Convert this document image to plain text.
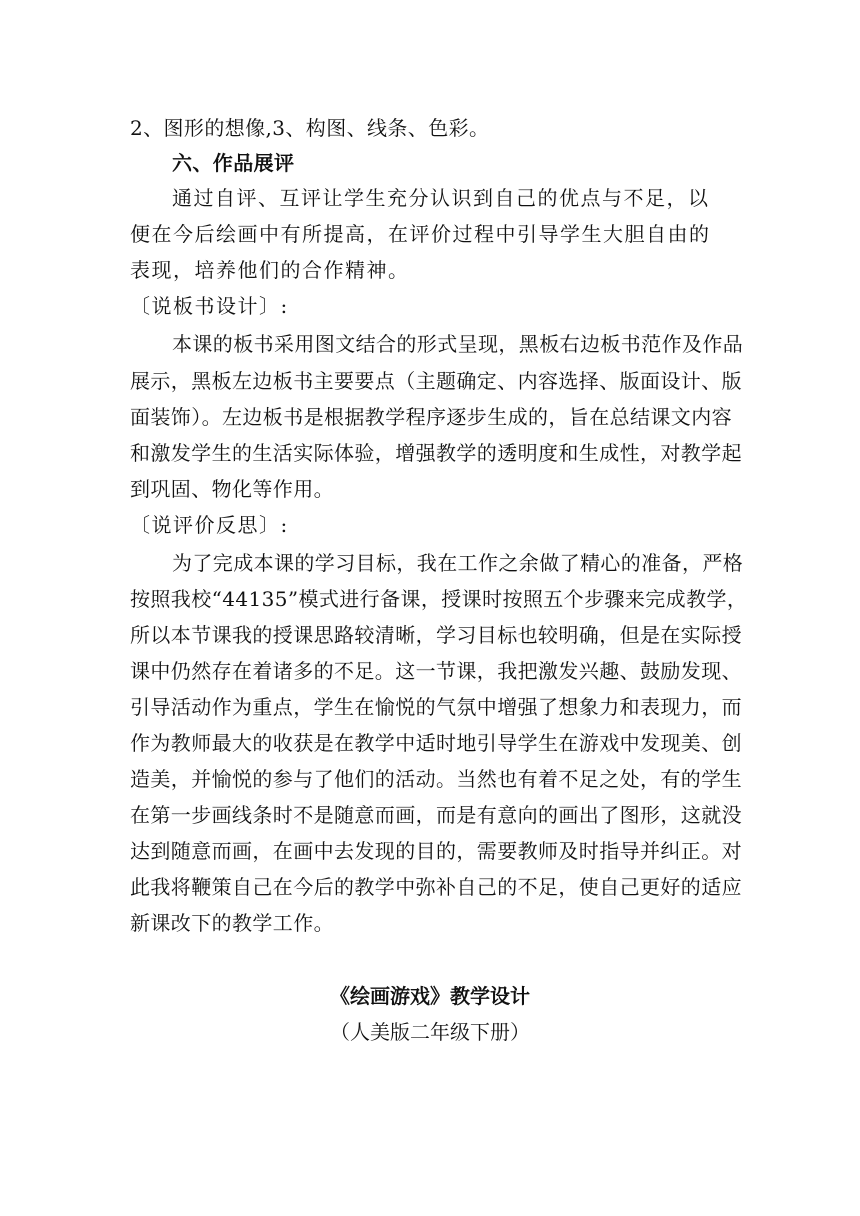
2、图形的想像,3、构图、线条、色彩。
六、作品展评
通过自评、互评让学生充分认识到自己的优点与不足，以
便在今后绘画中有所提高，在评价过程中引导学生大胆自由的
表现，培养他们的合作精神。
〔说板书设计〕:
本课的板书采用图文结合的形式呈现，黑板右边板书范作及作品
展示，黑板左边板书主要要点（主题确定、内容选择、版面设计、版
面装饰）。左边板书是根据教学程序逐步生成的，旨在总结课文内容
和激发学生的生活实际体验，增强教学的透明度和生成性，对教学起
到巩固、物化等作用。
〔说评价反思〕:
为了完成本课的学习目标，我在工作之余做了精心的准备，严格
按照我校“44135”模式进行备课，授课时按照五个步骤来完成教学，
所以本节课我的授课思路较清晰，学习目标也较明确，但是在实际授
课中仍然存在着诸多的不足。这一节课，我把激发兴趣、鼓励发现、
引导活动作为重点，学生在愉悦的气氛中增强了想象力和表现力，而
作为教师最大的收获是在教学中适时地引导学生在游戏中发现美、创
造美，并愉悦的参与了他们的活动。当然也有着不足之处，有的学生
在第一步画线条时不是随意而画，而是有意向的画出了图形，这就没
达到随意而画，在画中去发现的目的，需要教师及时指导并纠正。对
此我将鞭策自己在今后的教学中弥补自己的不足，使自己更好的适应
新课改下的教学工作。
《绘画游戏》教学设计
（人美版二年级下册）
